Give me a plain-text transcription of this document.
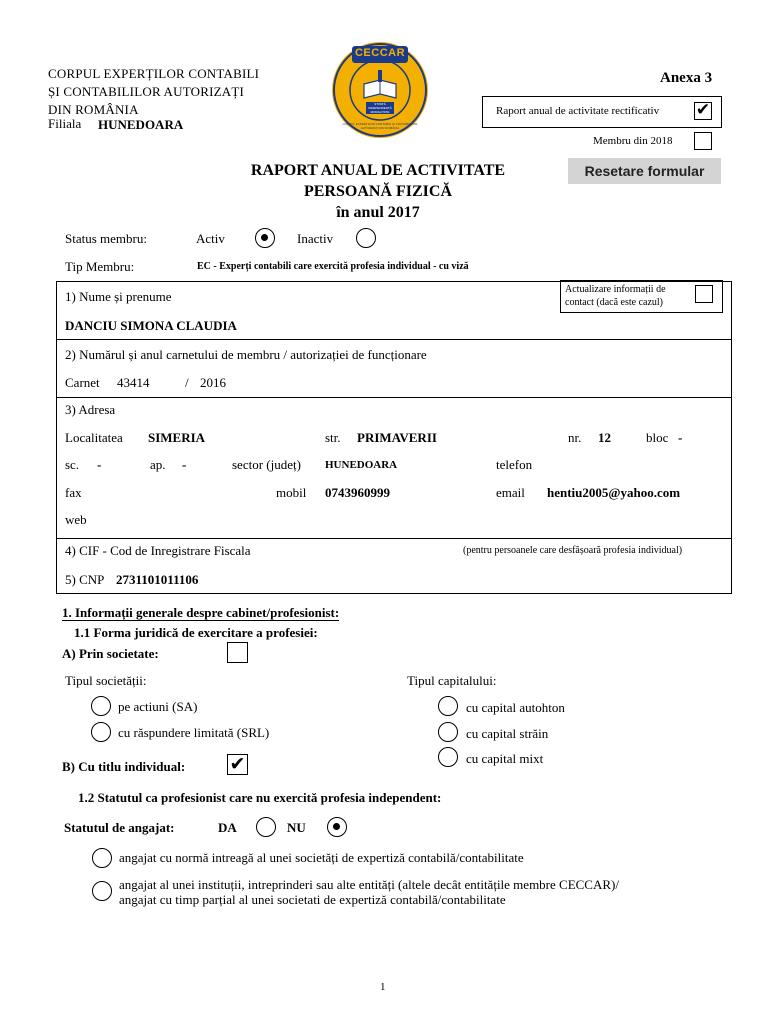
CORPUL EXPERȚILOR CONTABILI
ȘI CONTABILILOR AUTORIZAȚI
DIN ROMÂNIA
Filiala HUNEDOARA
CECCAR
ȘTIINȚĂ INDEPENDENȚĂ MORALITATE
CORPUL EXPERȚILOR CONTABILI ȘI CONTABILILOR AUTORIZAȚI DIN ROMÂNIA
Anexa 3
Raport anual de activitate rectificativ ✔
Membru din 2018
Resetare formular
RAPORT ANUAL DE ACTIVITATE
PERSOANĂ FIZICĂ
în anul 2017
Status membru:	Activ	Inactiv
Tip Membru:	EC - Experți contabili care exercită profesia individual - cu viză
1) Nume și prenume
DANCIU SIMONA CLAUDIA
Actualizare informații de
contact (dacă este cazul)
2) Numărul și anul carnetului de membru / autorizației de funcționare
Carnet 43414	/ 2016
3) Adresa
Localitatea SIMERIA	str. PRIMAVERII	nr. 12	bloc -
sc. -	ap. -	sector (județ) HUNEDOARA	telefon
fax	mobil 0743960999	email hentiu2005@yahoo.com
web
4) CIF - Cod de Inregistrare Fiscala	(pentru persoanele care desfășoară profesia individual)
5) CNP 2731101011106
1. Informații generale despre cabinet/profesionist:
1.1 Forma juridică de exercitare a profesiei:
A) Prin societate:
Tipul societății:	Tipul capitalului:
pe actiuni (SA)
cu răspundere limitată (SRL)
cu capital autohton
cu capital străin
cu capital mixt
B) Cu titlu individual: ✔
1.2 Statutul ca profesionist care nu exercită profesia independent:
Statutul de angajat:	DA	NU
angajat cu normă intreagă al unei societăți de expertiză contabilă/contabilitate
angajat al unei instituții, intreprinderi sau alte entități (altele decât entitățile membre CECCAR)/
angajat cu timp parțial al unei societati de expertiză contabilă/contabilitate
1
